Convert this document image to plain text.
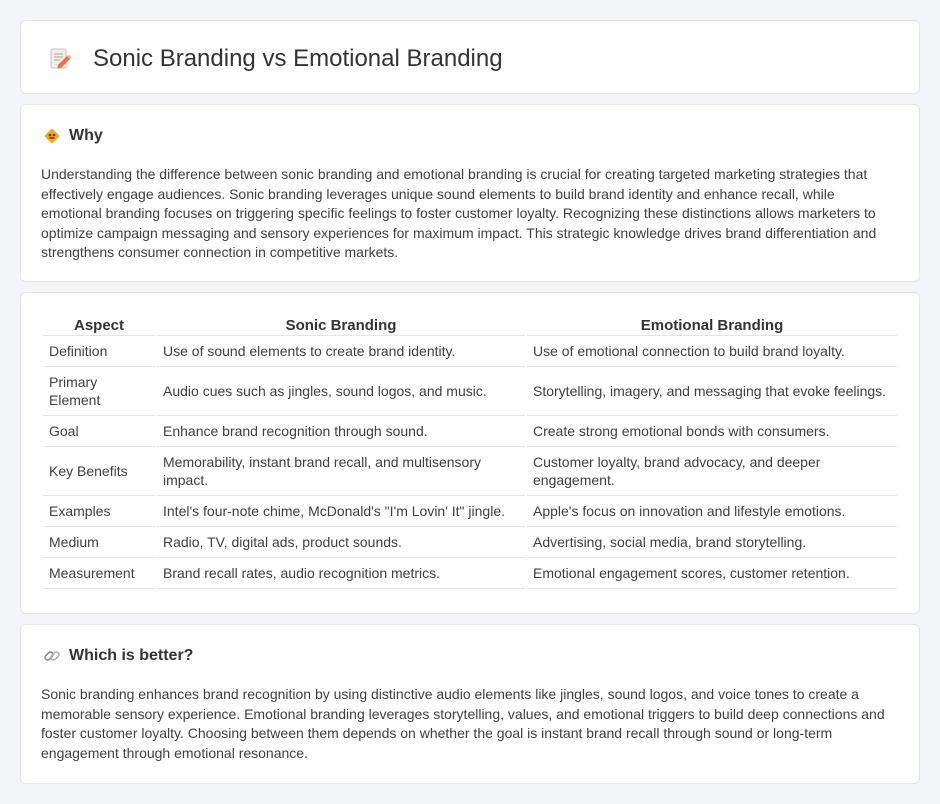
Sonic Branding vs Emotional Branding
Why

Understanding the difference between sonic branding and emotional branding is crucial for creating targeted marketing strategies that effectively engage audiences. Sonic branding leverages unique sound elements to build brand identity and enhance recall, while emotional branding focuses on triggering specific feelings to foster customer loyalty. Recognizing these distinctions allows marketers to optimize campaign messaging and sensory experiences for maximum impact. This strategic knowledge drives brand differentiation and strengthens consumer connection in competitive markets.

Aspect	Sonic Branding	Emotional Branding
Definition	Use of sound elements to create brand identity.	Use of emotional connection to build brand loyalty.
Primary Element	Audio cues such as jingles, sound logos, and music.	Storytelling, imagery, and messaging that evoke feelings.
Goal	Enhance brand recognition through sound.	Create strong emotional bonds with consumers.
Key Benefits	Memorability, instant brand recall, and multisensory impact.	Customer loyalty, brand advocacy, and deeper engagement.
Examples	Intel's four-note chime, McDonald's "I'm Lovin' It" jingle.	Apple's focus on innovation and lifestyle emotions.
Medium	Radio, TV, digital ads, product sounds.	Advertising, social media, brand storytelling.
Measurement	Brand recall rates, audio recognition metrics.	Emotional engagement scores, customer retention.
Which is better?

Sonic branding enhances brand recognition by using distinctive audio elements like jingles, sound logos, and voice tones to create a memorable sensory experience. Emotional branding leverages storytelling, values, and emotional triggers to build deep connections and foster customer loyalty. Choosing between them depends on whether the goal is instant brand recall through sound or long-term engagement through emotional resonance.
